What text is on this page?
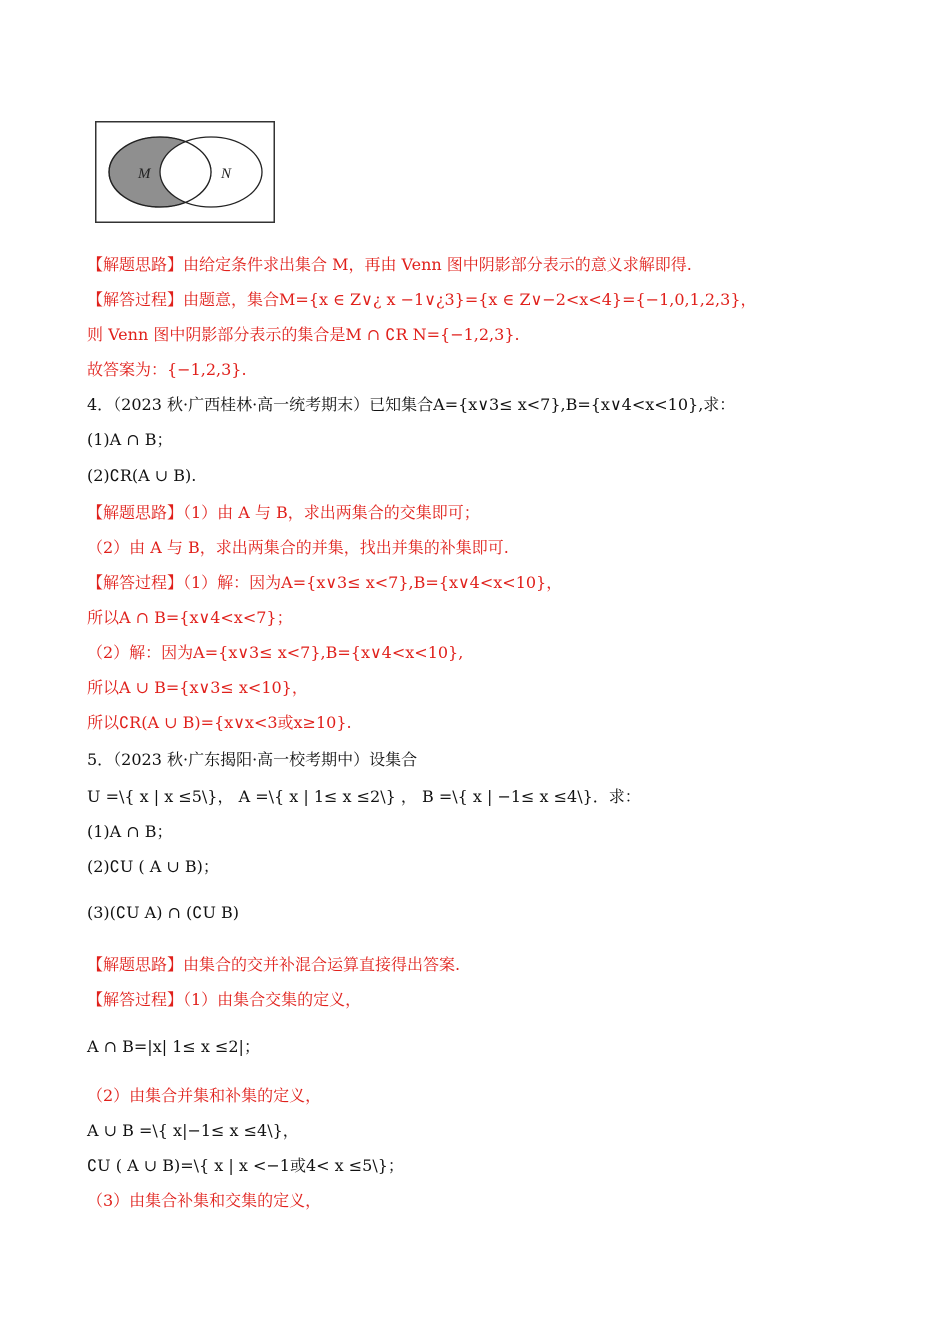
M	N
【解题思路】由给定条件求出集合 M，再由 Venn 图中阴影部分表示的意义求解即得.
【解答过程】由题意，集合M={x ∈ Z∨¿ x −1∨¿3}={x ∈ Z∨−2<x<4}={−1,0,1,2,3}，
则 Venn 图中阴影部分表示的集合是M ∩ ∁R N={−1,2,3}.
故答案为：{−1,2,3}.
4．（2023 秋·广西桂林·高一统考期末）已知集合A={x∨3≤ x<7},B={x∨4<x<10},求：
(1)A ∩ B；
(2)∁R(A ∪ B).
【解题思路】（1）由 A 与 B，求出两集合的交集即可；
（2）由 A 与 B，求出两集合的并集，找出并集的补集即可.
【解答过程】（1）解：因为A={x∨3≤ x<7},B={x∨4<x<10}，
所以A ∩ B={x∨4<x<7}；
（2）解：因为A={x∨3≤ x<7},B={x∨4<x<10},
所以A ∪ B={x∨3≤ x<10}，
所以∁R(A ∪ B)={x∨x<3或x≥10}.
5．（2023 秋·广东揭阳·高一校考期中）设集合
U =\{ x | x ≤5\}， A =\{ x | 1≤ x ≤2\} ， B =\{ x | −1≤ x ≤4\}．求：
(1)A ∩ B；
(2)∁U ( A ∪ B)；
(3)(∁U A) ∩ (∁U B)
【解题思路】由集合的交并补混合运算直接得出答案.
【解答过程】（1）由集合交集的定义，
A ∩ B=|x| 1≤ x ≤2|；
（2）由集合并集和补集的定义，
A ∪ B =\{ x|−1≤ x ≤4\}，
∁U ( A ∪ B)=\{ x | x <−1或4< x ≤5\}；
（3）由集合补集和交集的定义，
